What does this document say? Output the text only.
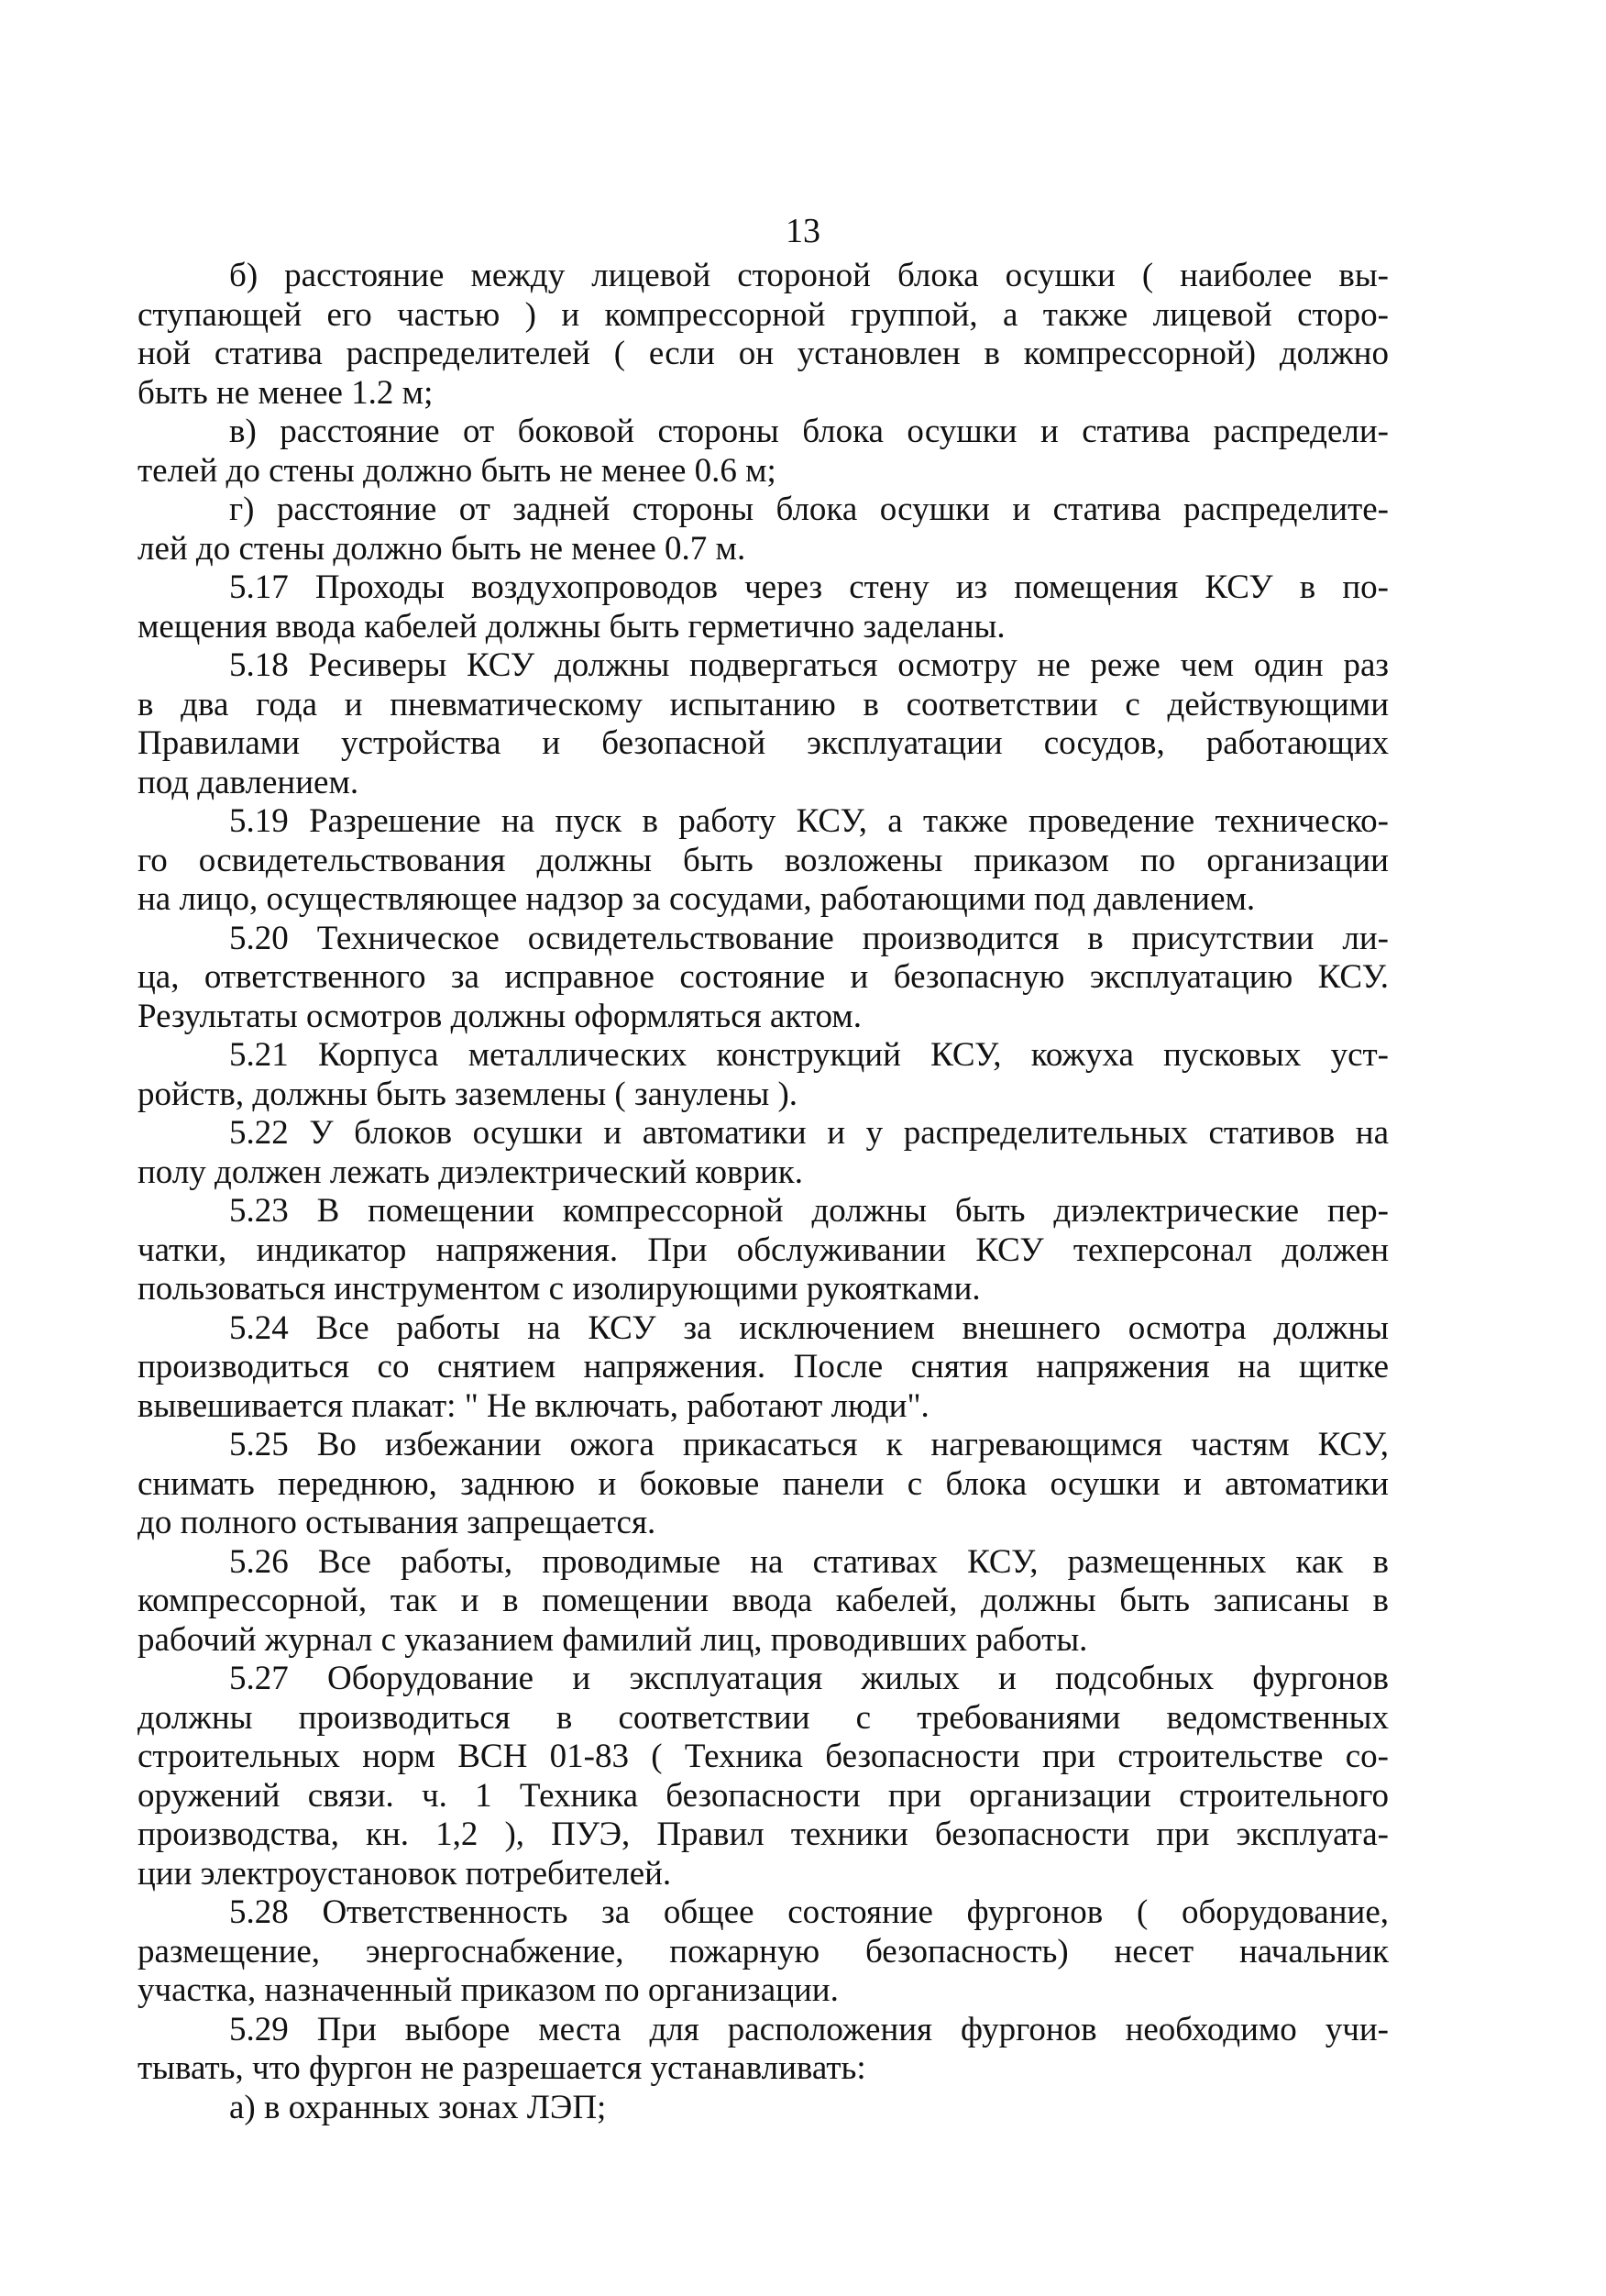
13
б) расстояние между лицевой стороной блока осушки ( наиболее вы-
ступающей его частью ) и компрессорной группой, а также лицевой сторо-
ной статива распределителей ( если он установлен в компрессорной) должно
быть не менее 1.2 м;
в) расстояние от боковой стороны блока осушки и статива распредели-
телей до стены должно быть не менее 0.6 м;
г) расстояние от задней стороны блока осушки и статива распределите-
лей до стены должно быть не менее 0.7 м.
5.17 Проходы воздухопроводов через стену из помещения КСУ в по-
мещения ввода кабелей должны быть герметично заделаны.
5.18 Ресиверы КСУ должны подвергаться осмотру не реже чем один раз
в два года и пневматическому испытанию в соответствии с действующими
Правилами устройства и безопасной эксплуатации сосудов, работающих
под давлением.
5.19 Разрешение на пуск в работу КСУ, а также проведение техническо-
го освидетельствования должны быть возложены приказом по организации
на лицо, осуществляющее надзор за сосудами, работающими под давлением.
5.20 Техническое освидетельствование производится в присутствии ли-
ца, ответственного за исправное состояние и безопасную эксплуатацию КСУ.
Результаты осмотров должны оформляться актом.
5.21 Корпуса металлических конструкций КСУ, кожуха пусковых уст-
ройств, должны быть заземлены ( занулены ).
5.22 У блоков осушки и автоматики и у распределительных стативов на
полу должен лежать диэлектрический коврик.
5.23 В помещении компрессорной должны быть диэлектрические пер-
чатки, индикатор напряжения. При обслуживании КСУ техперсонал должен
пользоваться инструментом с изолирующими рукоятками.
5.24 Все работы на КСУ за исключением внешнего осмотра должны
производиться со снятием напряжения. После снятия напряжения на щитке
вывешивается плакат: " Не включать, работают люди".
5.25 Во избежании ожога прикасаться к нагревающимся частям КСУ,
снимать переднюю, заднюю и боковые панели с блока осушки и автоматики
до полного остывания запрещается.
5.26 Все работы, проводимые на стативах КСУ, размещенных как в
компрессорной, так и в помещении ввода кабелей, должны быть записаны в
рабочий журнал с указанием фамилий лиц, проводивших работы.
5.27 Оборудование и эксплуатация жилых и подсобных фургонов
должны производиться в соответствии с требованиями ведомственных
строительных норм ВСН 01-83 ( Техника безопасности при строительстве со-
оружений связи. ч. 1 Техника безопасности при организации строительного
производства, кн. 1,2 ), ПУЭ, Правил техники безопасности при эксплуата-
ции электроустановок потребителей.
5.28 Ответственность за общее состояние фургонов ( оборудование,
размещение, энергоснабжение, пожарную безопасность) несет начальник
участка, назначенный приказом по организации.
5.29 При выборе места для расположения фургонов необходимо учи-
тывать, что фургон не разрешается устанавливать:
а) в охранных зонах ЛЭП;
